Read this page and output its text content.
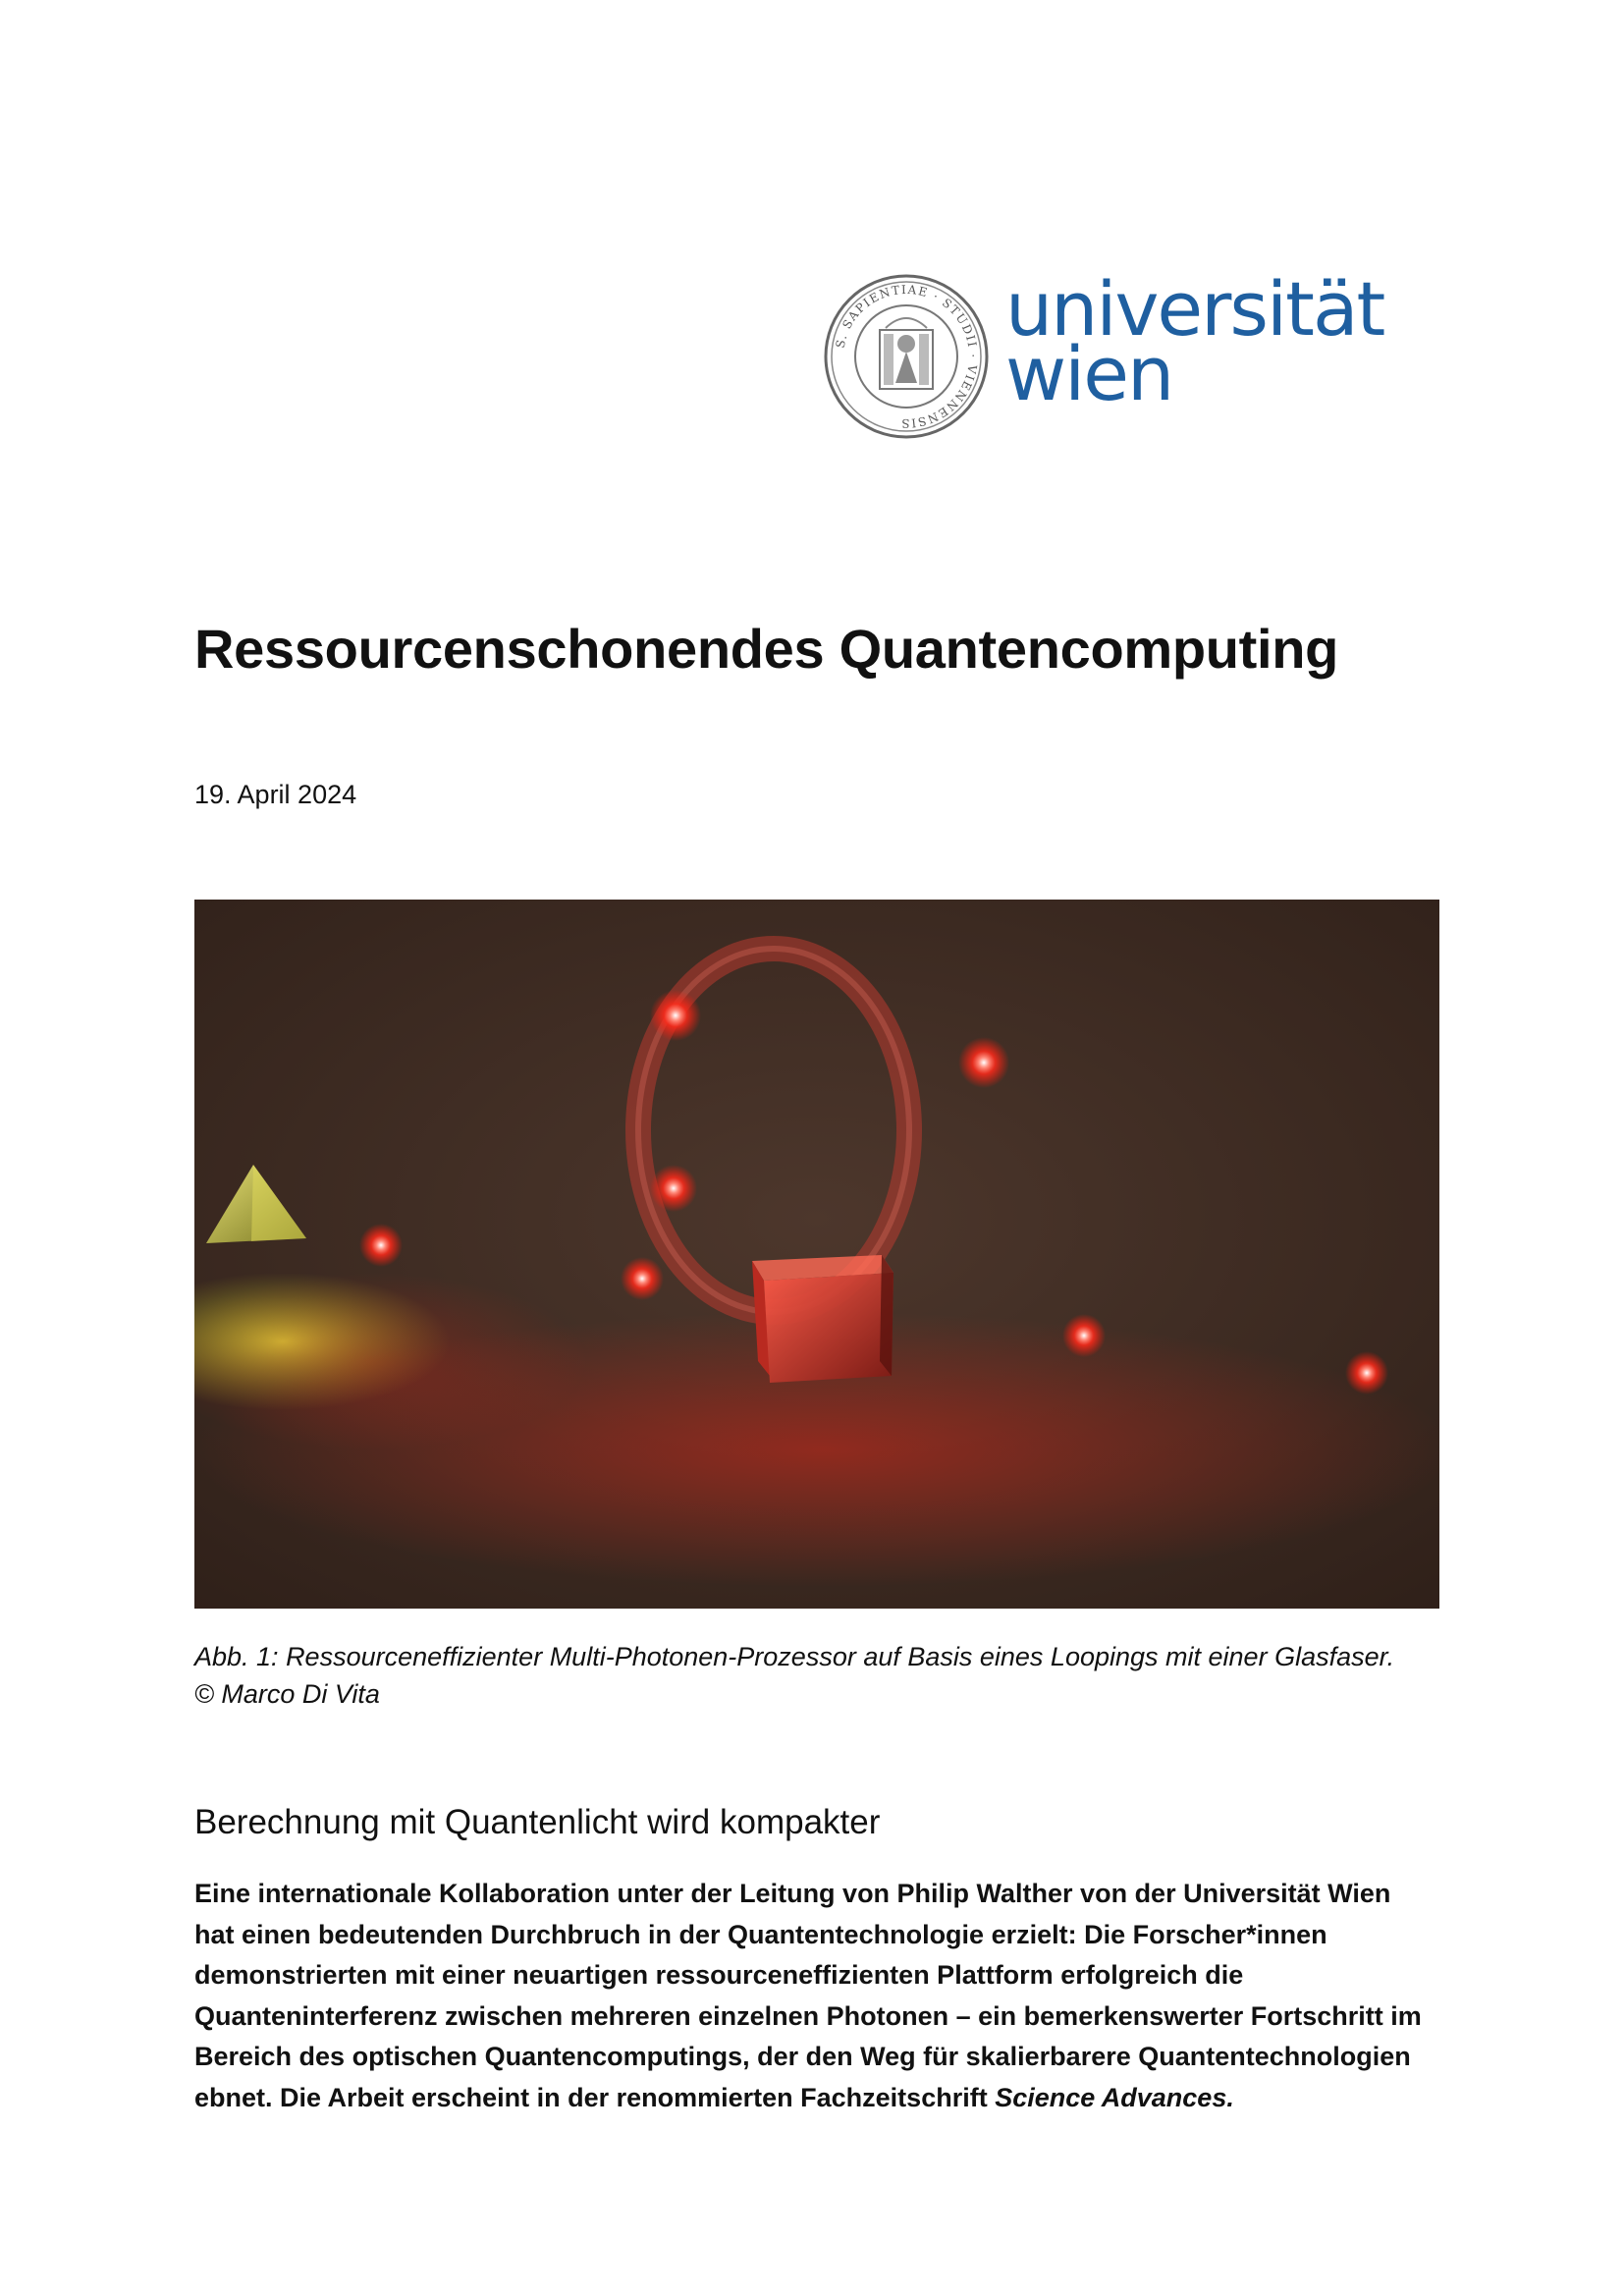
S. SAPIENTIAE · STUDII · VIENNENSIS
universität
wien
Ressourcenschonendes Quantencomputing
19. April 2024
Abb. 1: Ressourceneffizienter Multi-Photonen-Prozessor auf Basis eines Loopings mit einer Glasfaser.
© Marco Di Vita
Berechnung mit Quantenlicht wird kompakter
Eine internationale Kollaboration unter der Leitung von Philip Walther von der Universität Wien
hat einen bedeutenden Durchbruch in der Quantentechnologie erzielt: Die Forscher*innen
demonstrierten mit einer neuartigen ressourceneffizienten Plattform erfolgreich die
Quanteninterferenz zwischen mehreren einzelnen Photonen – ein bemerkenswerter Fortschritt im
Bereich des optischen Quantencomputings, der den Weg für skalierbarere Quantentechnologien
ebnet. Die Arbeit erscheint in der renommierten Fachzeitschrift Science Advances.
